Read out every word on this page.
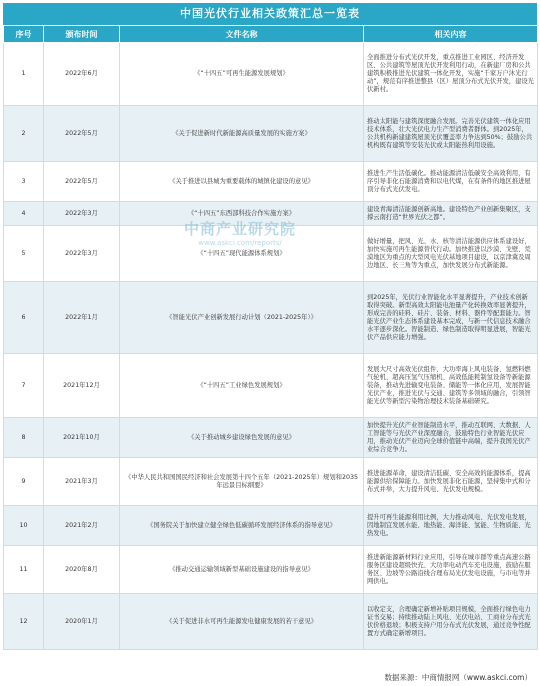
中国光伏行业相关政策汇总一览表
序号	颁布时间	文件名称	相关内容
1	2022年6月	《“十四五”可再生能源发展规划》	全面推进分布式光伏开发，重点推进工业园区、经济开发区、公共建筑等屋顶光伏开发利用行动，在新建厂房和公共建筑积极推进光伏建筑一体化开发，实施“千家万户沐光行动”，规范有序推进整县（区）屋顶分布式光伏开发，建设光伏新村。
2	2022年5月	《关于促进新时代新能源高质量发展的实施方案》	推动太阳能与建筑深度融合发展。完善光伏建筑一体化应用技术体系，壮大光伏电力生产型消费者群体。到2025年，公共机构新建建筑屋顶光伏覆盖率力争达到50%；鼓励公共机构既有建筑等安装光伏或太阳能热利用设施。
3	2022年5月	《关于推进以县城为重要载体的城镇化建设的意见》	推进生产生活低碳化。推动能源清洁低碳安全高效利用，有序引导非化石能源消费和以电代煤，在有条件的地区推进屋顶分布式光伏发电。
4	2022年3月	《“十四五”东西部科技合作实施方案》	建设青海清洁能源创新高地。建设特色产业创新集聚区，支撑云南打造“世界光伏之都”。
5	2022年3月	《“十四五”现代能源体系规划》	做好增量，把风、光、水、核等清洁能源供应体系建设好，加快实施可再生能源替代行动。加快推进以沙漠、戈壁、荒漠地区为重点的大型风电光伏基地项目建设，以京津冀及周边地区、长三角等为重点，加快发展分布式新能源。
6	2022年1月	《智能光伏产业创新发展行动计划（2021-2025年）》	到2025年，光伏行业智能化水平显著提升，产业技术创新取得突破。新型高效太阳能电池量产化转换效率显著提升，形成完善的硅料、硅片、装备、材料、器件等配套能力。智能光伏产业生态体系建设基本完成，与新一代信息技术融合水平逐步深化。智能制造、绿色制造取得明显进展，智能光伏产品供应能力增强。
7	2021年12月	《“十四五”工业绿色发展规划》	发展大尺寸高效光伏组件、大功率海上风电装备、氢燃料燃气轮机、超高压氢气压缩机、高效低能耗制氢设备等新能源装备，推动先进输变电装备、储能等一体化应用，发展智能光伏产业，推进光伏与交通、建筑等多领域的融合，引领智能光伏等新型污染物治理技术装备基础研究。
8	2021年10月	《关于推动城乡建设绿色发展的意见》	加快提升光伏产业智能制造水平，推动互联网、大数据、人工智能等与光伏产业深度融合，鼓励特色行业智能光伏应用，推动光伏产业迈向全球价值链中高端，提升我国光伏产业综合竞争力。
9	2021年3月	《中华人民共和国国民经济和社会发展第十四个五年（2021-2025年）规划和2035年远景目标纲要》	推进能源革命，建设清洁低碳、安全高效的能源体系，提高能源供给保障能力。加快发展非化石能源，坚持集中式和分布式并举，大力提升风电、光伏发电规模。
10	2021年2月	《国务院关于加快建立健全绿色低碳循环发展经济体系的指导意见》	提升可再生能源利用比例，大力推动风电、光伏发电发展，因地制宜发展水能、地热能、海洋能、氢能、生物质能、光热发电。
11	2020年8月	《推动交通运输领域新型基础设施建设的指导意见》	推进新能源新材料行业应用，引导在城市群等重点高速公路服务区建设超级快充、大功率电动汽车充电设施，鼓励在服务区、边坡等公路沿线合理布局光伏发电设施，与市电等并网供电。
12	2020年1月	《关于促进非水可再生能源发电健康发展的若干意见》	以收定支，合理确定新增补贴项目规模，全面推行绿色电力证书交易；持续推动陆上风电、光伏电站、工商业分布式光伏价格退坡；积极支持户用分布式光伏发展，通过竞争性配置方式确定新增项目。
中商产业研究院
www.askci.com/reports/
数据来源：中商情报网（www.askci.com）
